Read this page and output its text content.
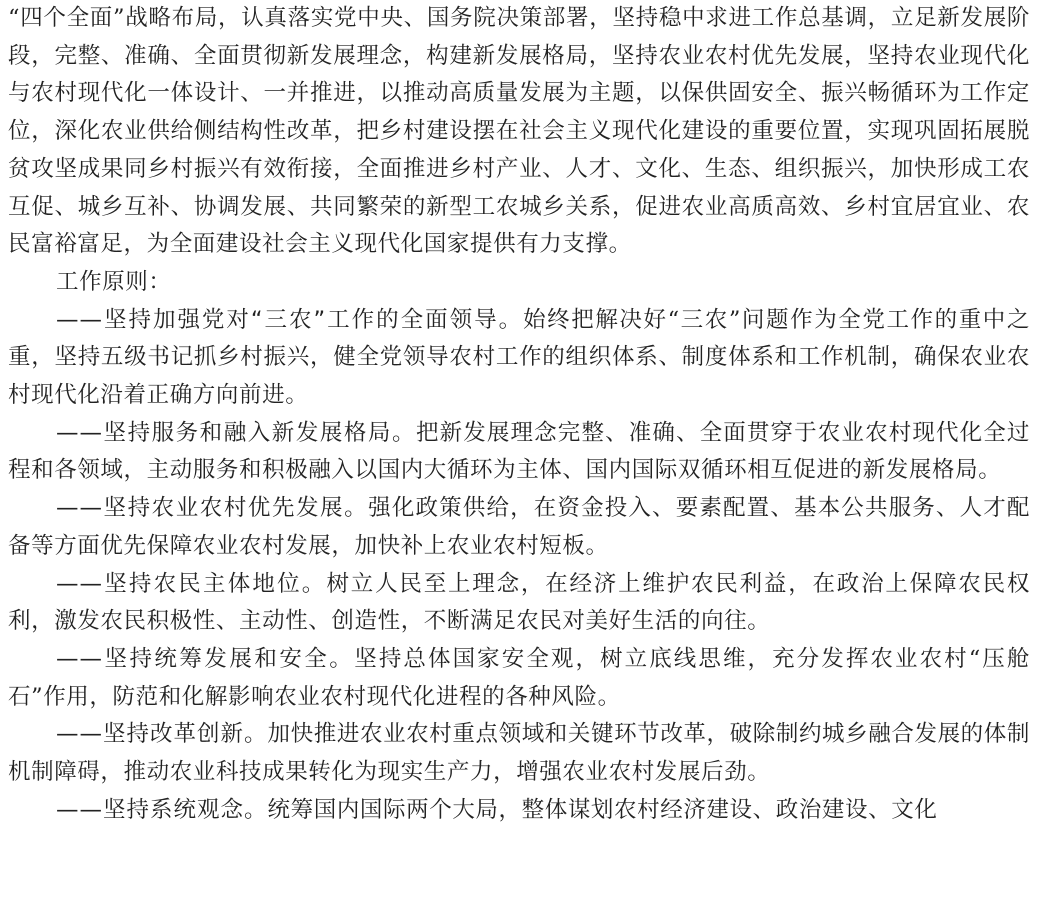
“四个全面”战略布局，认真落实党中央、国务院决策部署，坚持稳中求进工作总基调，立足新发展阶段，完整、准确、全面贯彻新发展理念，构建新发展格局，坚持农业农村优先发展，坚持农业现代化与农村现代化一体设计、一并推进，以推动高质量发展为主题，以保供固安全、振兴畅循环为工作定位，深化农业供给侧结构性改革，把乡村建设摆在社会主义现代化建设的重要位置，实现巩固拓展脱贫攻坚成果同乡村振兴有效衔接，全面推进乡村产业、人才、文化、生态、组织振兴，加快形成工农互促、城乡互补、协调发展、共同繁荣的新型工农城乡关系，促进农业高质高效、乡村宜居宜业、农民富裕富足，为全面建设社会主义现代化国家提供有力支撑。

工作原则：

——坚持加强党对“三农”工作的全面领导。始终把解决好“三农”问题作为全党工作的重中之重，坚持五级书记抓乡村振兴，健全党领导农村工作的组织体系、制度体系和工作机制，确保农业农村现代化沿着正确方向前进。

——坚持服务和融入新发展格局。把新发展理念完整、准确、全面贯穿于农业农村现代化全过程和各领域，主动服务和积极融入以国内大循环为主体、国内国际双循环相互促进的新发展格局。

——坚持农业农村优先发展。强化政策供给，在资金投入、要素配置、基本公共服务、人才配备等方面优先保障农业农村发展，加快补上农业农村短板。

——坚持农民主体地位。树立人民至上理念，在经济上维护农民利益，在政治上保障农民权利，激发农民积极性、主动性、创造性，不断满足农民对美好生活的向往。

——坚持统筹发展和安全。坚持总体国家安全观，树立底线思维，充分发挥农业农村“压舱石”作用，防范和化解影响农业农村现代化进程的各种风险。

——坚持改革创新。加快推进农业农村重点领域和关键环节改革，破除制约城乡融合发展的体制机制障碍，推动农业科技成果转化为现实生产力，增强农业农村发展后劲。

——坚持系统观念。统筹国内国际两个大局，整体谋划农村经济建设、政治建设、文化
